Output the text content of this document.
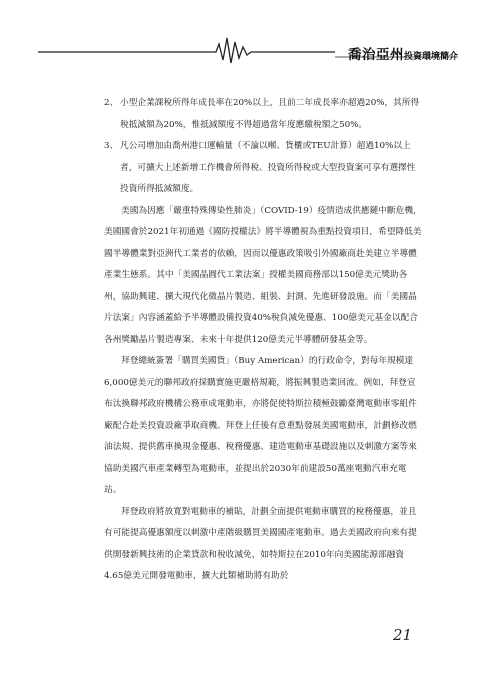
喬治亞州投資環境簡介
2、 小型企業課稅所得年成長率在20%以上，且前二年成長率亦超過20%，其所得稅抵減額為20%，惟抵減額度不得超過當年度應繳稅額之50%。
3、 凡公司增加由喬州港口運輸量（不論以噸、貨櫃或TEU計算）超過10%以上者，可擴大上述新增工作機會所得稅、投資所得稅或大型投資案可享有選擇性投資所得抵減額度。
美國為因應「嚴重特殊傳染性肺炎」（COVID-19）疫情造成供應鏈中斷危機，美國國會於2021年初通過《國防授權法》將半導體視為重點投資項目，希望降低美國半導體業對亞洲代工業者的依賴，因而以優惠政策吸引外國廠商赴美建立半導體產業生態系。其中「美國晶圓代工業法案」授權美國商務部以150億美元獎助各州，協助興建、擴大現代化微晶片製造、組裝、封測、先進研發設施。而「美國晶片法案」內容涵蓋給予半導體設備投資40%稅負減免優惠、100億美元基金以配合各州獎勵晶片製造專案、未來十年提供120億美元半導體研發基金等。
拜登總統簽署「購買美國貨」（Buy American）的行政命令，對每年規模達6,000億美元的聯邦政府採購實施更嚴格規範，將振興製造業回流。例如，拜登宣布汰換聯邦政府機構公務車成電動車，亦將促使特斯拉積極鼓勵臺灣電動車零組件廠配合赴美投資設廠爭取商機。拜登上任後有意重點發展美國電動車，計劃修改燃油法規、提供舊車換現金優惠、稅務優惠、建造電動車基礎設施以及刺激方案等來協助美國汽車產業轉型為電動車，並提出於2030年前建設50萬座電動汽車充電站。
拜登政府將放寬對電動車的補貼，計劃全面提供電動車購買的稅務優惠，並且有可能提高優惠額度以刺激中產階級購買美國國產電動車。過去美國政府向來有提供開發新興技術的企業貸款和稅收減免，如特斯拉在2010年向美國能源部融資4.65億美元開發電動車，擴大此類補助將有助於
21
